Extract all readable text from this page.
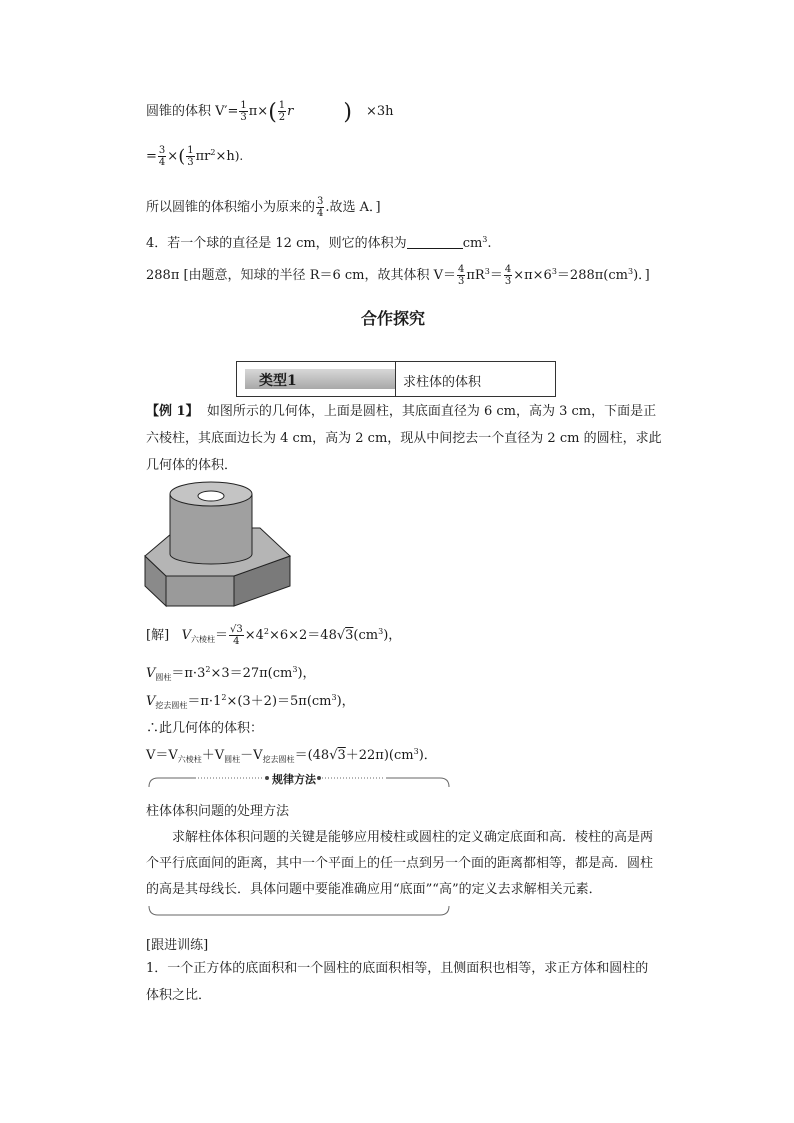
圆锥的体积 $V'= \frac{1}{3} \pi\times( \frac{1}{2}$ r ) ×3h
= $\frac{3}{4}$ ×( $\frac{1}{3} \pi r^2\times h$).
所以圆锥的体积缩小为原来的 $\frac{3}{4}$ .故选 A．]
4．若一个球的直径是 12 cm，则它的体积为	$cm^3$.
288π [由题意，知球的半径 R＝6 cm，故其体积 $V= \frac{4}{3} \pi R^3= \frac{4}{3} \times\pi\times 6^3=288\pi(cm^3)$．]
合作探究
类型1	求柱体的体积
【例 1】 如图所示的几何体，上面是圆柱，其底面直径为 6 cm，高为 3 cm，下面是正六棱柱，其底面边长为 4 cm，高为 2 cm，现从中间挖去一个直径为 2 cm 的圆柱，求此几何体的体积．
[解] $V_{六棱柱}= \frac{√3}{4} \times 4^2\times 6\times 2=48√3(cm^3)$，
$V_{圆柱}=\pi\cdot 3^2\times 3=27\pi(cm^3)$，
$V_{挖去圆柱}=\pi\cdot 1^2\times(3+2)=5\pi(cm^3)$，
∴此几何体的体积：
$V=V_{六棱柱}+V_{圆柱}-V_{挖去圆柱}=(48√3+22\pi)(cm^3)$．
规律方法
柱体体积问题的处理方法
求解柱体体积问题的关键是能够应用棱柱或圆柱的定义确定底面和高．棱柱的高是两个平行底面间的距离，其中一个平面上的任一点到另一个面的距离都相等，都是高．圆柱的高是其母线长．具体问题中要能准确应用“底面”“高”的定义去求解相关元素．
[跟进训练]
1．一个正方体的底面积和一个圆柱的底面积相等，且侧面积也相等，求正方体和圆柱的体积之比．
